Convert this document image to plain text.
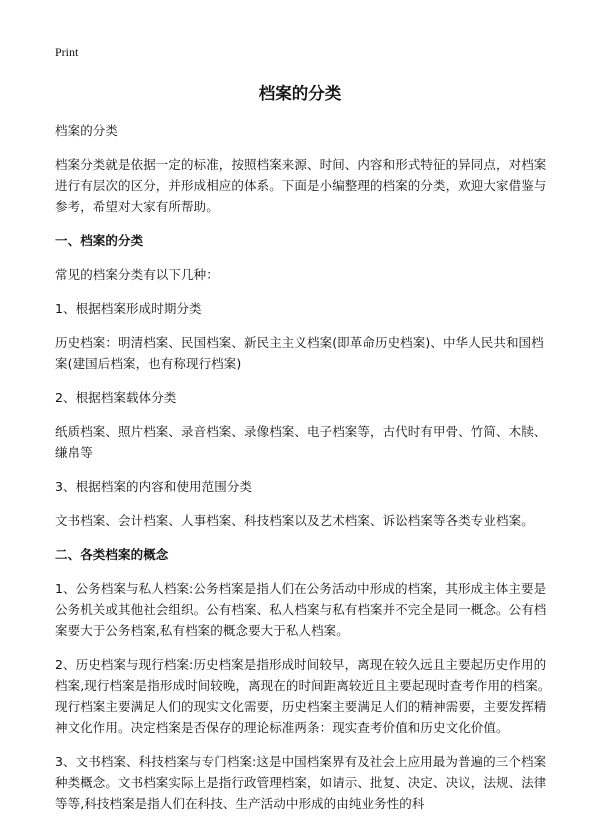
Print
档案的分类

档案的分类

档案分类就是依据一定的标准，按照档案来源、时间、内容和形式特征的异同点，对档案进行有层次的区分，并形成相应的体系。下面是小编整理的档案的分类，欢迎大家借鉴与参考，希望对大家有所帮助。

一、档案的分类

常见的档案分类有以下几种：

1、根据档案形成时期分类

历史档案：明清档案、民国档案、新民主主义档案(即革命历史档案)、中华人民共和国档案(建国后档案，也有称现行档案)

2、根据档案载体分类

纸质档案、照片档案、录音档案、录像档案、电子档案等，古代时有甲骨、竹简、木牍、缣帛等

3、根据档案的内容和使用范围分类

文书档案、会计档案、人事档案、科技档案以及艺术档案、诉讼档案等各类专业档案。

二、各类档案的概念

1、公务档案与私人档案:公务档案是指人们在公务活动中形成的档案，其形成主体主要是公务机关或其他社会组织。公有档案、私人档案与私有档案并不完全是同一概念。公有档案要大于公务档案,私有档案的概念要大于私人档案。

2、历史档案与现行档案:历史档案是指形成时间较早，离现在较久远且主要起历史作用的档案,现行档案是指形成时间较晚，离现在的时间距离较近且主要起现时查考作用的档案。现行档案主要满足人们的现实文化需要，历史档案主要满足人们的精神需要，主要发挥精神文化作用。决定档案是否保存的理论标准两条：现实查考价值和历史文化价值。

3、文书档案、科技档案与专门档案:这是中国档案界有及社会上应用最为普遍的三个档案种类概念。文书档案实际上是指行政管理档案，如请示、批复、决定、决议，法规、法律等等,科技档案是指人们在科技、生产活动中形成的由纯业务性的科
